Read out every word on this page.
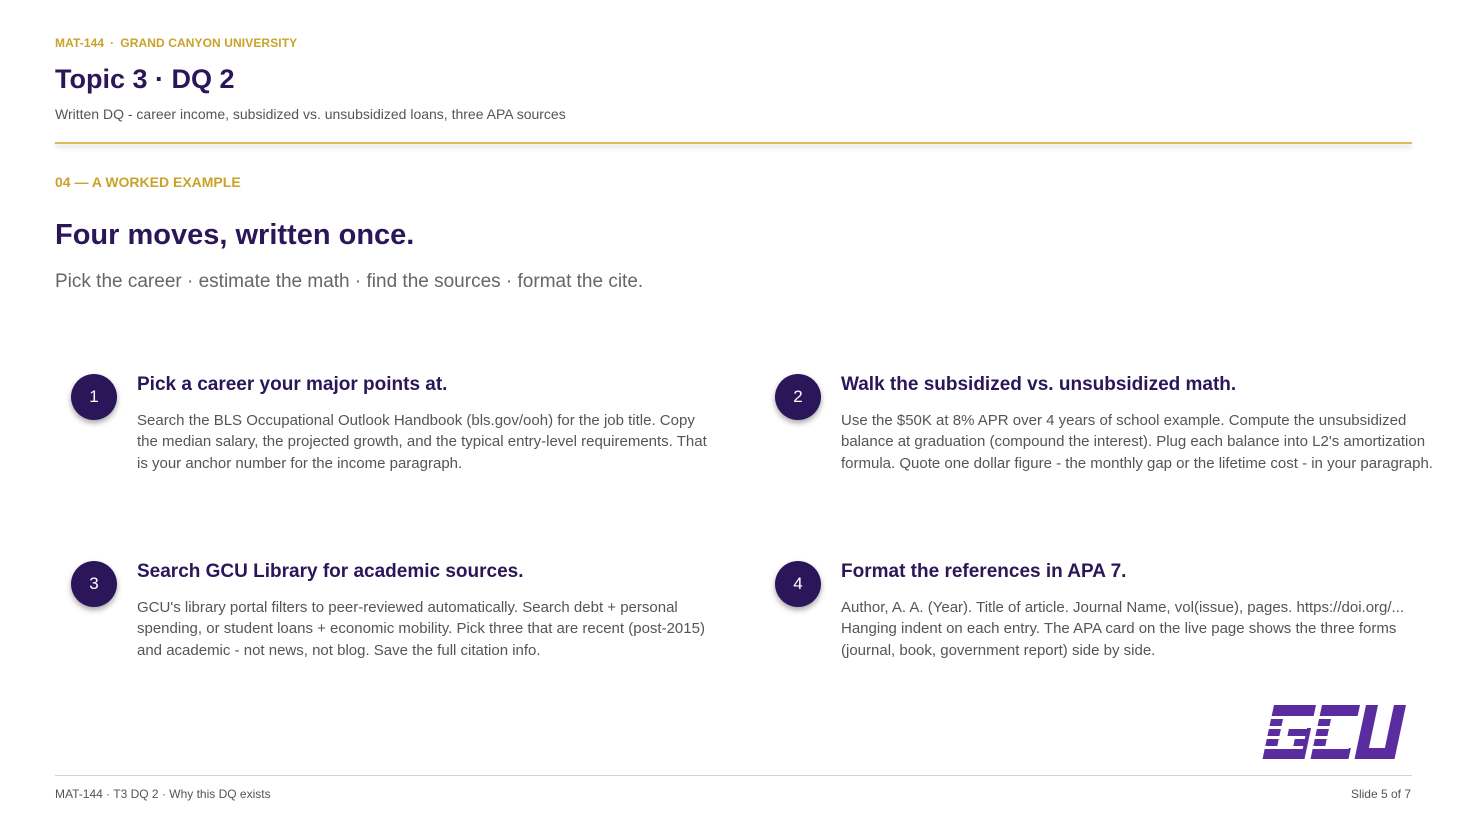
MAT-144 · GRAND CANYON UNIVERSITY
Topic 3 · DQ 2
Written DQ - career income, subsidized vs. unsubsidized loans, three APA sources
04 — A WORKED EXAMPLE
Four moves, written once.
Pick the career · estimate the math · find the sources · format the cite.
1
Pick a career your major points at.
Search the BLS Occupational Outlook Handbook (bls.gov/ooh) for the job title. Copy the median salary, the projected growth, and the typical entry-level requirements. That is your anchor number for the income paragraph.
2
Walk the subsidized vs. unsubsidized math.
Use the $50K at 8% APR over 4 years of school example. Compute the unsubsidized balance at graduation (compound the interest). Plug each balance into L2's amortization formula. Quote one dollar figure - the monthly gap or the lifetime cost - in your paragraph.
3
Search GCU Library for academic sources.
GCU's library portal filters to peer-reviewed automatically. Search debt + personal spending, or student loans + economic mobility. Pick three that are recent (post-2015) and academic - not news, not blog. Save the full citation info.
4
Format the references in APA 7.
Author, A. A. (Year). Title of article. Journal Name, vol(issue), pages. https://doi.org/... Hanging indent on each entry. The APA card on the live page shows the three forms (journal, book, government report) side by side.
MAT-144 · T3 DQ 2 · Why this DQ exists	Slide 5 of 7
